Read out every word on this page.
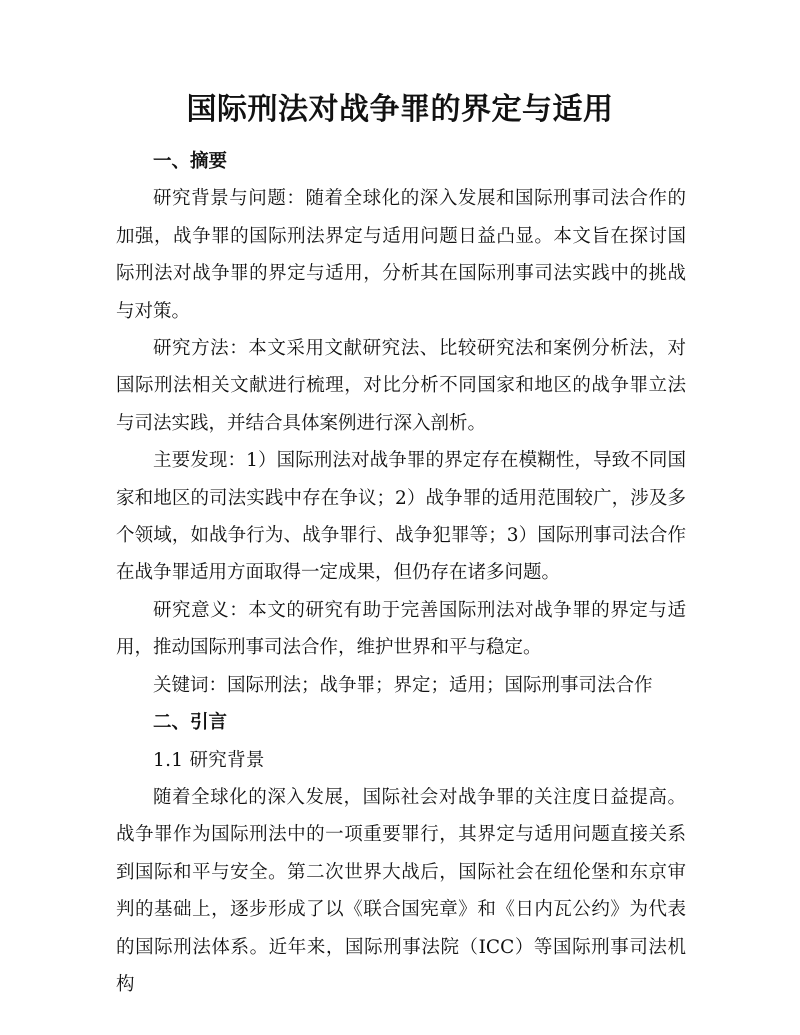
国际刑法对战争罪的界定与适用

一、摘要

研究背景与问题：随着全球化的深入发展和国际刑事司法合作的加强，战争罪的国际刑法界定与适用问题日益凸显。本文旨在探讨国际刑法对战争罪的界定与适用，分析其在国际刑事司法实践中的挑战与对策。

研究方法：本文采用文献研究法、比较研究法和案例分析法，对国际刑法相关文献进行梳理，对比分析不同国家和地区的战争罪立法与司法实践，并结合具体案例进行深入剖析。

主要发现：1）国际刑法对战争罪的界定存在模糊性，导致不同国家和地区的司法实践中存在争议；2）战争罪的适用范围较广，涉及多个领域，如战争行为、战争罪行、战争犯罪等；3）国际刑事司法合作在战争罪适用方面取得一定成果，但仍存在诸多问题。

研究意义：本文的研究有助于完善国际刑法对战争罪的界定与适用，推动国际刑事司法合作，维护世界和平与稳定。

关键词：国际刑法；战争罪；界定；适用；国际刑事司法合作

二、引言

1.1 研究背景

随着全球化的深入发展，国际社会对战争罪的关注度日益提高。战争罪作为国际刑法中的一项重要罪行，其界定与适用问题直接关系到国际和平与安全。第二次世界大战后，国际社会在纽伦堡和东京审判的基础上，逐步形成了以《联合国宪章》和《日内瓦公约》为代表的国际刑法体系。近年来，国际刑事法院（ICC）等国际刑事司法机构
